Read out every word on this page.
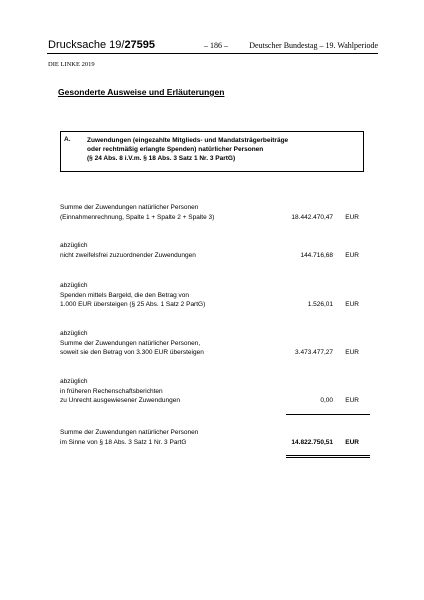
Drucksache 19/27595	– 186 –	Deutscher Bundestag – 19. Wahlperiode
DIE LINKE 2019
Gesonderte Ausweise und Erläuterungen
A.	Zuwendungen (eingezahlte Mitglieds- und Mandatsträgerbeiträge
oder rechtmäßig erlangte Spenden) natürlicher Personen
(§ 24 Abs. 8 i.V.m. § 18 Abs. 3 Satz 1 Nr. 3 PartG)
Summe der Zuwendungen natürlicher Personen
(Einnahmenrechnung, Spalte 1 + Spalte 2 + Spalte 3)	18.442.470,47 EUR
abzüglich
nicht zweifelsfrei zuzuordnender Zuwendungen	144.716,68 EUR
abzüglich
Spenden mittels Bargeld, die den Betrag von
1.000 EUR übersteigen (§ 25 Abs. 1 Satz 2 PartG)	1.526,01 EUR
abzüglich
Summe der Zuwendungen natürlicher Personen,
soweit sie den Betrag von 3.300 EUR übersteigen	3.473.477,27 EUR
abzüglich
in früheren Rechenschaftsberichten
zu Unrecht ausgewiesener Zuwendungen	0,00 EUR
Summe der Zuwendungen natürlicher Personen
im Sinne von § 18 Abs. 3 Satz 1 Nr. 3 PartG	14.822.750,51 EUR
